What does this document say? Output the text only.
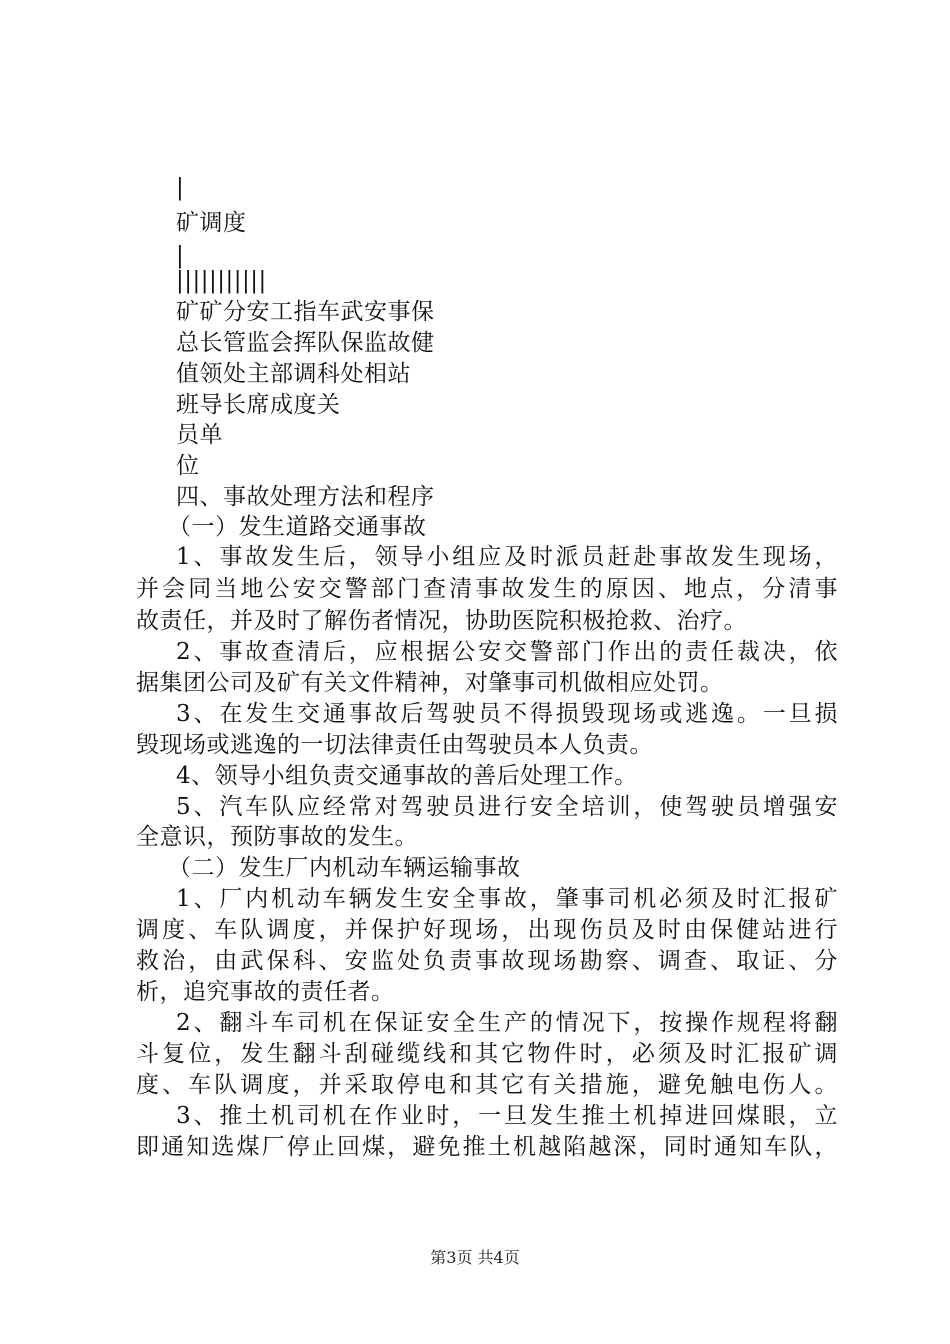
|
矿调度
|
|||||||||||
矿矿分安工指车武安事保
总长管监会挥队保监故健
值领处主部调科处相站
班导长席成度关
员单
位
四、事故处理方法和程序
（一）发生道路交通事故
1、事故发生后，领导小组应及时派员赶赴事故发生现场，
并会同当地公安交警部门查清事故发生的原因、地点，分清事
故责任，并及时了解伤者情况，协助医院积极抢救、治疗。
2、事故查清后，应根据公安交警部门作出的责任裁决，依
据集团公司及矿有关文件精神，对肇事司机做相应处罚。
3、在发生交通事故后驾驶员不得损毁现场或逃逸。一旦损
毁现场或逃逸的一切法律责任由驾驶员本人负责。
4、领导小组负责交通事故的善后处理工作。
5、汽车队应经常对驾驶员进行安全培训，使驾驶员增强安
全意识，预防事故的发生。
（二）发生厂内机动车辆运输事故
1、厂内机动车辆发生安全事故，肇事司机必须及时汇报矿
调度、车队调度，并保护好现场，出现伤员及时由保健站进行
救治，由武保科、安监处负责事故现场勘察、调查、取证、分
析，追究事故的责任者。
2、翻斗车司机在保证安全生产的情况下，按操作规程将翻
斗复位，发生翻斗刮碰缆线和其它物件时，必须及时汇报矿调
度、车队调度，并采取停电和其它有关措施，避免触电伤人。
3、推土机司机在作业时，一旦发生推土机掉进回煤眼，立
即通知选煤厂停止回煤，避免推土机越陷越深，同时通知车队，
第3页 共4页
